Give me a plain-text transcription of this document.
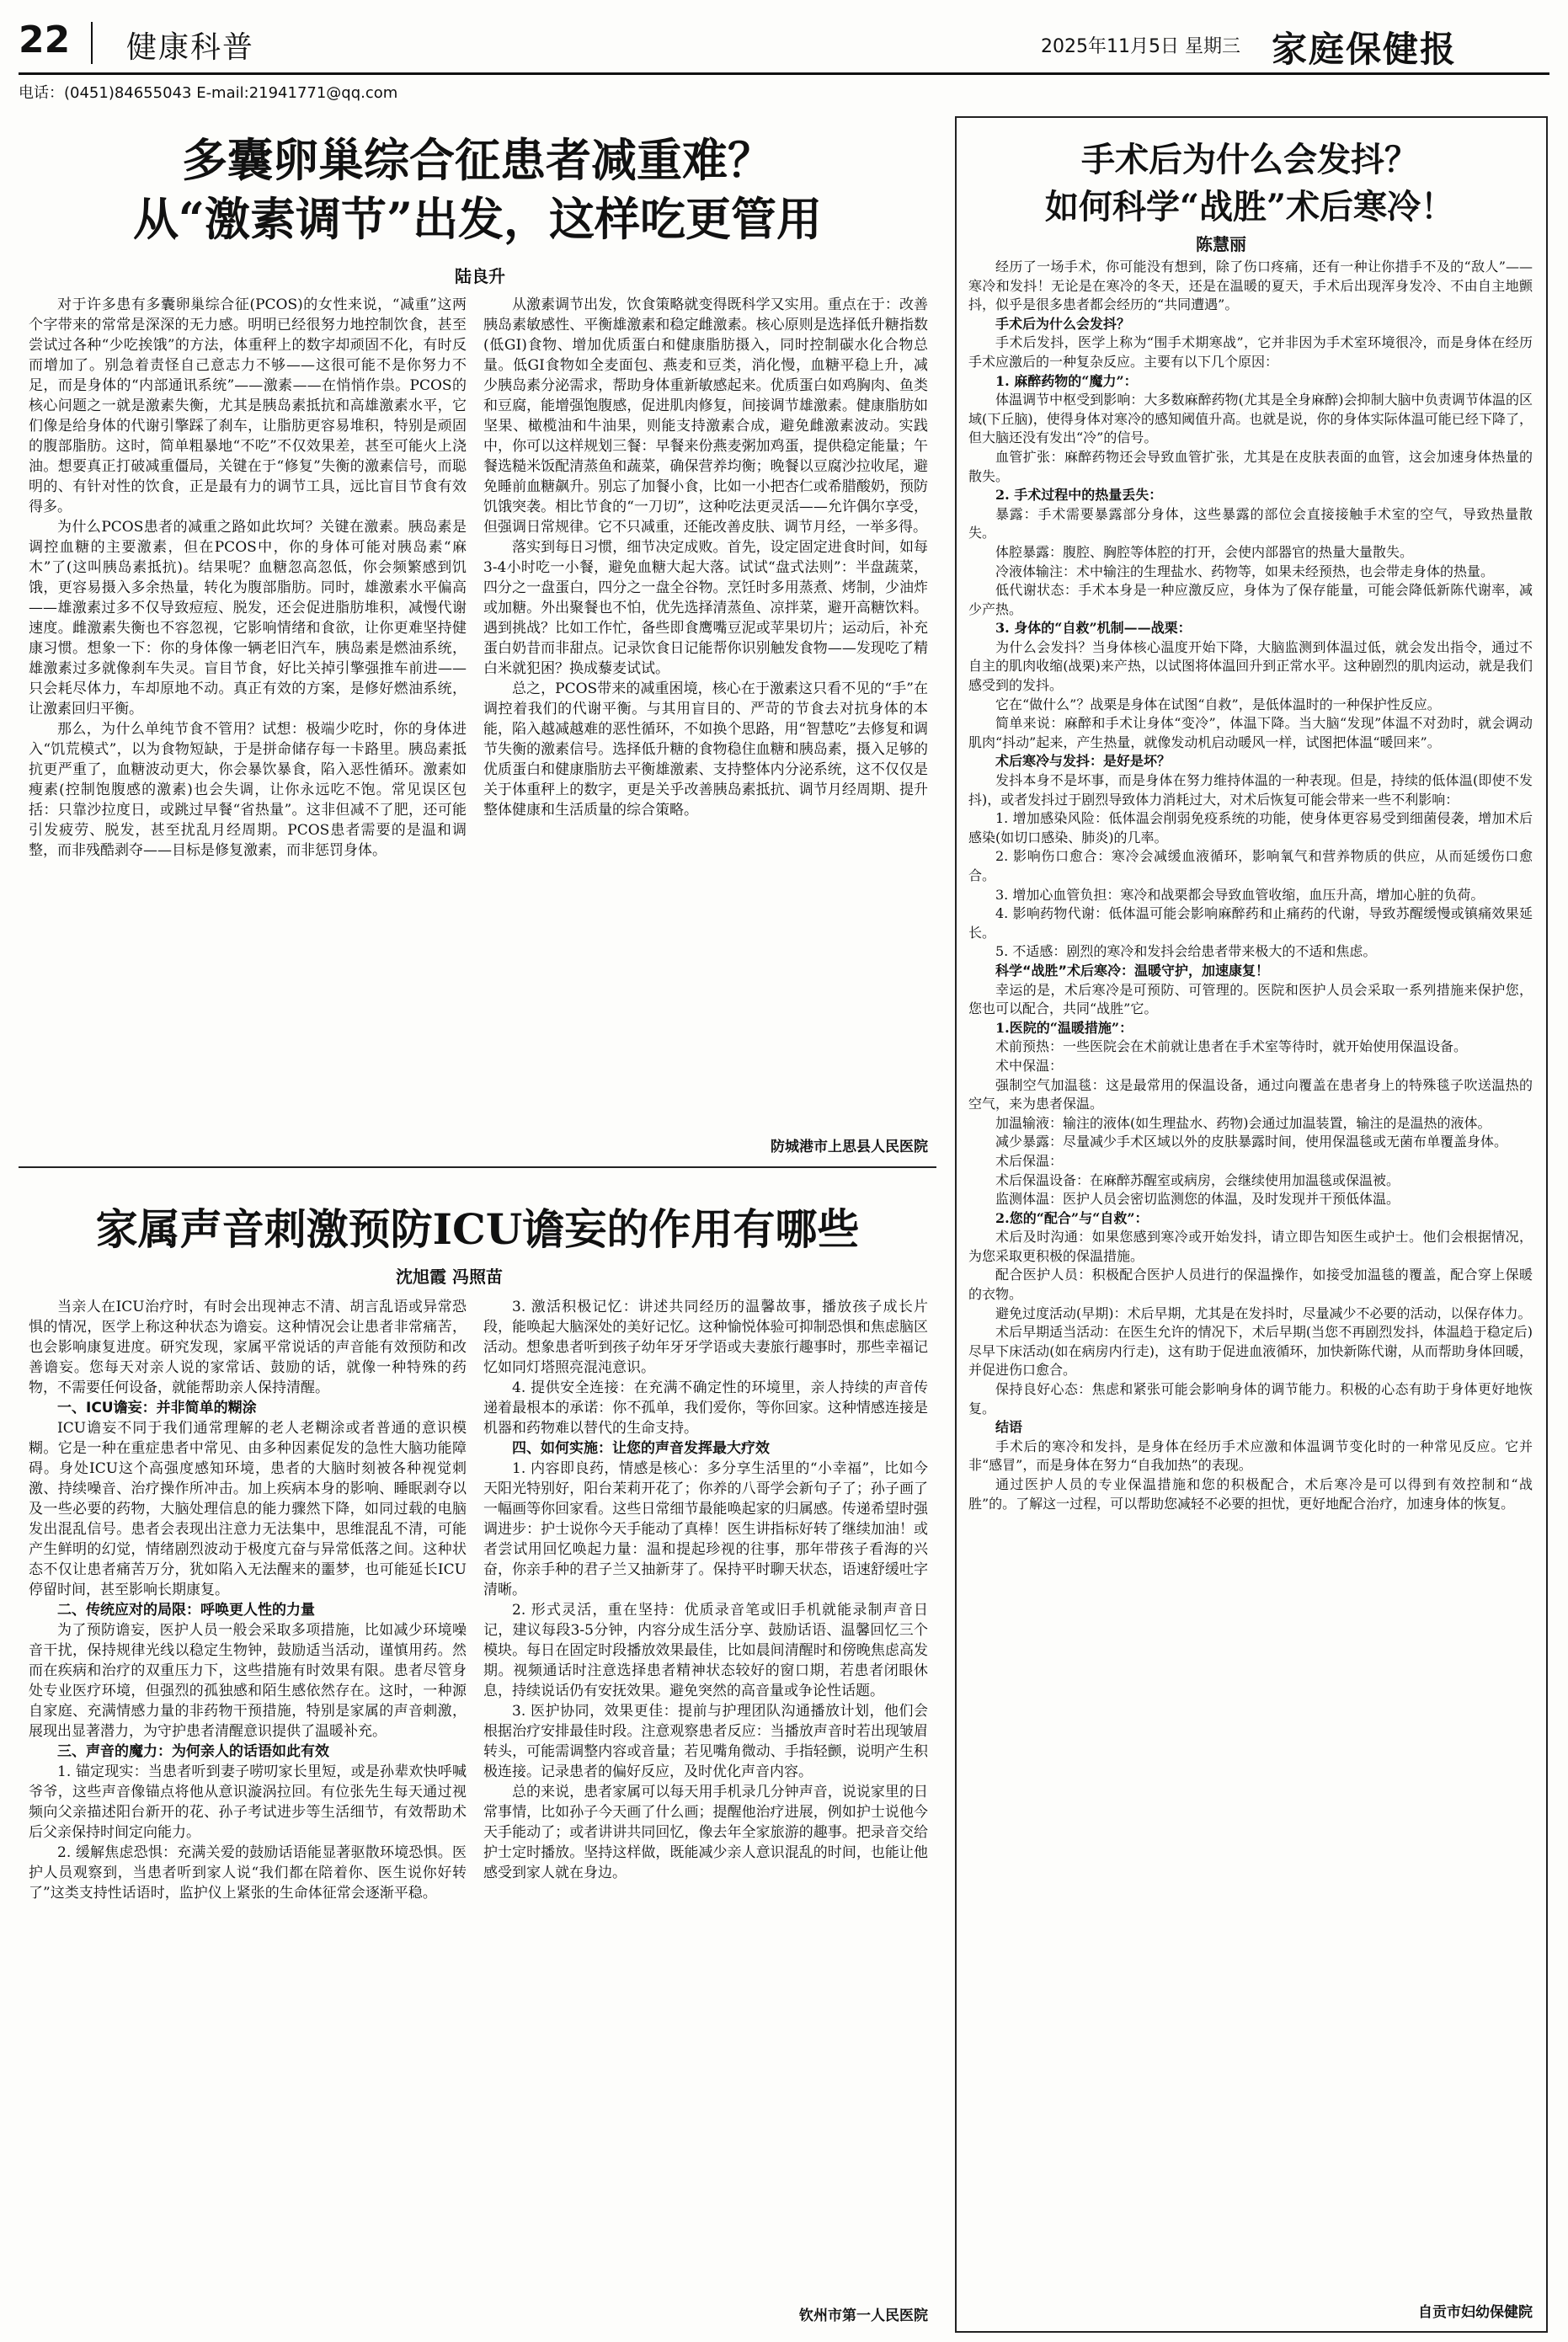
22 健康科普	2025年11月5日 星期三 家庭保健报
电话：(0451)84655043 E-mail:21941771@qq.com
多囊卵巢综合征患者减重难？
从“激素调节”出发，这样吃更管用
陆良升

对于许多患有多囊卵巢综合征(PCOS)的女性来说，“减重”这两个字带来的常常是深深的无力感。明明已经很努力地控制饮食，甚至尝试过各种“少吃挨饿”的方法，体重秤上的数字却顽固不化，有时反而增加了。别急着责怪自己意志力不够——这很可能不是你努力不足，而是身体的“内部通讯系统”——激素——在悄悄作祟。PCOS的核心问题之一就是激素失衡，尤其是胰岛素抵抗和高雄激素水平，它们像是给身体的代谢引擎踩了刹车，让脂肪更容易堆积，特别是顽固的腹部脂肪。这时，简单粗暴地“不吃”不仅效果差，甚至可能火上浇油。想要真正打破减重僵局，关键在于“修复”失衡的激素信号，而聪明的、有针对性的饮食，正是最有力的调节工具，远比盲目节食有效得多。

为什么PCOS患者的减重之路如此坎坷？关键在激素。胰岛素是调控血糖的主要激素，但在PCOS中，你的身体可能对胰岛素“麻木”了(这叫胰岛素抵抗)。结果呢？血糖忽高忽低，你会频繁感到饥饿，更容易摄入多余热量，转化为腹部脂肪。同时，雄激素水平偏高——雄激素过多不仅导致痘痘、脱发，还会促进脂肪堆积，减慢代谢速度。雌激素失衡也不容忽视，它影响情绪和食欲，让你更难坚持健康习惯。想象一下：你的身体像一辆老旧汽车，胰岛素是燃油系统，雄激素过多就像刹车失灵。盲目节食，好比关掉引擎强推车前进——只会耗尽体力，车却原地不动。真正有效的方案，是修好燃油系统，让激素回归平衡。

那么，为什么单纯节食不管用？试想：极端少吃时，你的身体进入“饥荒模式”，以为食物短缺，于是拼命储存每一卡路里。胰岛素抵抗更严重了，血糖波动更大，你会暴饮暴食，陷入恶性循环。激素如瘦素(控制饱腹感的激素)也会失调，让你永远吃不饱。常见误区包括：只靠沙拉度日，或跳过早餐“省热量”。这非但减不了肥，还可能引发疲劳、脱发，甚至扰乱月经周期。PCOS患者需要的是温和调整，而非残酷剥夺——目标是修复激素，而非惩罚身体。

从激素调节出发，饮食策略就变得既科学又实用。重点在于：改善胰岛素敏感性、平衡雄激素和稳定雌激素。核心原则是选择低升糖指数(低GI)食物、增加优质蛋白和健康脂肪摄入，同时控制碳水化合物总量。低GI食物如全麦面包、燕麦和豆类，消化慢，血糖平稳上升，减少胰岛素分泌需求，帮助身体重新敏感起来。优质蛋白如鸡胸肉、鱼类和豆腐，能增强饱腹感，促进肌肉修复，间接调节雄激素。健康脂肪如坚果、橄榄油和牛油果，则能支持激素合成，避免雌激素波动。实践中，你可以这样规划三餐：早餐来份燕麦粥加鸡蛋，提供稳定能量；午餐选糙米饭配清蒸鱼和蔬菜，确保营养均衡；晚餐以豆腐沙拉收尾，避免睡前血糖飙升。别忘了加餐小食，比如一小把杏仁或希腊酸奶，预防饥饿突袭。相比节食的“一刀切”，这种吃法更灵活——允许偶尔享受，但强调日常规律。它不只减重，还能改善皮肤、调节月经，一举多得。

落实到每日习惯，细节决定成败。首先，设定固定进食时间，如每3-4小时吃一小餐，避免血糖大起大落。试试“盘式法则”：半盘蔬菜，四分之一盘蛋白，四分之一盘全谷物。烹饪时多用蒸煮、烤制，少油炸或加糖。外出聚餐也不怕，优先选择清蒸鱼、凉拌菜，避开高糖饮料。遇到挑战？比如工作忙，备些即食鹰嘴豆泥或苹果切片；运动后，补充蛋白奶昔而非甜点。记录饮食日记能帮你识别触发食物——发现吃了精白米就犯困？换成藜麦试试。

总之，PCOS带来的减重困境，核心在于激素这只看不见的“手”在调控着我们的代谢平衡。与其用盲目的、严苛的节食去对抗身体的本能，陷入越减越难的恶性循环，不如换个思路，用“智慧吃”去修复和调节失衡的激素信号。选择低升糖的食物稳住血糖和胰岛素，摄入足够的优质蛋白和健康脂肪去平衡雄激素、支持整体内分泌系统，这不仅仅是关于体重秤上的数字，更是关乎改善胰岛素抵抗、调节月经周期、提升整体健康和生活质量的综合策略。

防城港市上思县人民医院

家属声音刺激预防ICU谵妄的作用有哪些
沈旭霞 冯照苗

当亲人在ICU治疗时，有时会出现神志不清、胡言乱语或异常恐惧的情况，医学上称这种状态为谵妄。这种情况会让患者非常痛苦，也会影响康复进度。研究发现，家属平常说话的声音能有效预防和改善谵妄。您每天对亲人说的家常话、鼓励的话，就像一种特殊的药物，不需要任何设备，就能帮助亲人保持清醒。

一、ICU谵妄：并非简单的糊涂

ICU谵妄不同于我们通常理解的老人老糊涂或者普通的意识模糊。它是一种在重症患者中常见、由多种因素促发的急性大脑功能障碍。身处ICU这个高强度感知环境，患者的大脑时刻被各种视觉刺激、持续噪音、治疗操作所冲击。加上疾病本身的影响、睡眠剥夺以及一些必要的药物，大脑处理信息的能力骤然下降，如同过载的电脑发出混乱信号。患者会表现出注意力无法集中，思维混乱不清，可能产生鲜明的幻觉，情绪剧烈波动于极度亢奋与异常低落之间。这种状态不仅让患者痛苦万分，犹如陷入无法醒来的噩梦，也可能延长ICU停留时间，甚至影响长期康复。

二、传统应对的局限：呼唤更人性的力量

为了预防谵妄，医护人员一般会采取多项措施，比如减少环境噪音干扰，保持规律光线以稳定生物钟，鼓励适当活动，谨慎用药。然而在疾病和治疗的双重压力下，这些措施有时效果有限。患者尽管身处专业医疗环境，但强烈的孤独感和陌生感依然存在。这时，一种源自家庭、充满情感力量的非药物干预措施，特别是家属的声音刺激，展现出显著潜力，为守护患者清醒意识提供了温暖补充。

三、声音的魔力：为何亲人的话语如此有效

1. 锚定现实：当患者听到妻子唠叨家长里短，或是孙辈欢快呼喊爷爷，这些声音像锚点将他从意识漩涡拉回。有位张先生每天通过视频向父亲描述阳台新开的花、孙子考试进步等生活细节，有效帮助术后父亲保持时间定向能力。

2. 缓解焦虑恐惧：充满关爱的鼓励话语能显著驱散环境恐惧。医护人员观察到，当患者听到家人说“我们都在陪着你、医生说你好转了”这类支持性话语时，监护仪上紧张的生命体征常会逐渐平稳。

3. 激活积极记忆：讲述共同经历的温馨故事，播放孩子成长片段，能唤起大脑深处的美好记忆。这种愉悦体验可抑制恐惧和焦虑脑区活动。想象患者听到孩子幼年牙牙学语或夫妻旅行趣事时，那些幸福记忆如同灯塔照亮混沌意识。

4. 提供安全连接：在充满不确定性的环境里，亲人持续的声音传递着最根本的承诺：你不孤单，我们爱你，等你回家。这种情感连接是机器和药物难以替代的生命支持。

四、如何实施：让您的声音发挥最大疗效

1. 内容即良药，情感是核心：多分享生活里的“小幸福”，比如今天阳光特别好，阳台茉莉开花了；你养的八哥学会新句子了；孙子画了一幅画等你回家看。这些日常细节最能唤起家的归属感。传递希望时强调进步：护士说你今天手能动了真棒！医生讲指标好转了继续加油！或者尝试用回忆唤起力量：温和提起珍视的往事，那年带孩子看海的兴奋，你亲手种的君子兰又抽新芽了。保持平时聊天状态，语速舒缓吐字清晰。

2. 形式灵活，重在坚持：优质录音笔或旧手机就能录制声音日记，建议每段3-5分钟，内容分成生活分享、鼓励话语、温馨回忆三个模块。每日在固定时段播放效果最佳，比如晨间清醒时和傍晚焦虑高发期。视频通话时注意选择患者精神状态较好的窗口期，若患者闭眼休息，持续说话仍有安抚效果。避免突然的高音量或争论性话题。

3. 医护协同，效果更佳：提前与护理团队沟通播放计划，他们会根据治疗安排最佳时段。注意观察患者反应：当播放声音时若出现皱眉转头，可能需调整内容或音量；若见嘴角微动、手指轻颤，说明产生积极连接。记录患者的偏好反应，及时优化声音内容。

总的来说，患者家属可以每天用手机录几分钟声音，说说家里的日常事情，比如孙子今天画了什么画；提醒他治疗进展，例如护士说他今天手能动了；或者讲讲共同回忆，像去年全家旅游的趣事。把录音交给护士定时播放。坚持这样做，既能减少亲人意识混乱的时间，也能让他感受到家人就在身边。

钦州市第一人民医院

手术后为什么会发抖？
如何科学“战胜”术后寒冷！
陈慧丽

经历了一场手术，你可能没有想到，除了伤口疼痛，还有一种让你措手不及的“敌人”——寒冷和发抖！无论是在寒冷的冬天，还是在温暖的夏天，手术后出现浑身发冷、不由自主地颤抖，似乎是很多患者都会经历的“共同遭遇”。

手术后为什么会发抖？

手术后发抖，医学上称为“围手术期寒战”，它并非因为手术室环境很冷，而是身体在经历手术应激后的一种复杂反应。主要有以下几个原因：

1. 麻醉药物的“魔力”：

体温调节中枢受到影响：大多数麻醉药物(尤其是全身麻醉)会抑制大脑中负责调节体温的区域(下丘脑)，使得身体对寒冷的感知阈值升高。也就是说，你的身体实际体温可能已经下降了，但大脑还没有发出“冷”的信号。

血管扩张：麻醉药物还会导致血管扩张，尤其是在皮肤表面的血管，这会加速身体热量的散失。

2. 手术过程中的热量丢失：

暴露：手术需要暴露部分身体，这些暴露的部位会直接接触手术室的空气，导致热量散失。

体腔暴露：腹腔、胸腔等体腔的打开，会使内部器官的热量大量散失。

冷液体输注：术中输注的生理盐水、药物等，如果未经预热，也会带走身体的热量。

低代谢状态：手术本身是一种应激反应，身体为了保存能量，可能会降低新陈代谢率，减少产热。

3. 身体的“自救”机制——战栗：

为什么会发抖？当身体核心温度开始下降，大脑监测到体温过低，就会发出指令，通过不自主的肌肉收缩(战栗)来产热，以试图将体温回升到正常水平。这种剧烈的肌肉运动，就是我们感受到的发抖。

它在“做什么”？战栗是身体在试图“自救”，是低体温时的一种保护性反应。

简单来说：麻醉和手术让身体“变冷”，体温下降。当大脑“发现”体温不对劲时，就会调动肌肉“抖动”起来，产生热量，就像发动机启动暖风一样，试图把体温“暖回来”。

术后寒冷与发抖：是好是坏？

发抖本身不是坏事，而是身体在努力维持体温的一种表现。但是，持续的低体温(即使不发抖)，或者发抖过于剧烈导致体力消耗过大，对术后恢复可能会带来一些不利影响：

1. 增加感染风险：低体温会削弱免疫系统的功能，使身体更容易受到细菌侵袭，增加术后感染(如切口感染、肺炎)的几率。

2. 影响伤口愈合：寒冷会减缓血液循环，影响氧气和营养物质的供应，从而延缓伤口愈合。

3. 增加心血管负担：寒冷和战栗都会导致血管收缩，血压升高，增加心脏的负荷。

4. 影响药物代谢：低体温可能会影响麻醉药和止痛药的代谢，导致苏醒缓慢或镇痛效果延长。

5. 不适感：剧烈的寒冷和发抖会给患者带来极大的不适和焦虑。

科学“战胜”术后寒冷：温暖守护，加速康复！

幸运的是，术后寒冷是可预防、可管理的。医院和医护人员会采取一系列措施来保护您，您也可以配合，共同“战胜”它。

1.医院的“温暖措施”：

术前预热：一些医院会在术前就让患者在手术室等待时，就开始使用保温设备。

术中保温：

强制空气加温毯：这是最常用的保温设备，通过向覆盖在患者身上的特殊毯子吹送温热的空气，来为患者保温。

加温输液：输注的液体(如生理盐水、药物)会通过加温装置，输注的是温热的液体。

减少暴露：尽量减少手术区域以外的皮肤暴露时间，使用保温毯或无菌布单覆盖身体。

术后保温：

术后保温设备：在麻醉苏醒室或病房，会继续使用加温毯或保温被。

监测体温：医护人员会密切监测您的体温，及时发现并干预低体温。

2.您的“配合”与“自救”：

术后及时沟通：如果您感到寒冷或开始发抖，请立即告知医生或护士。他们会根据情况，为您采取更积极的保温措施。

配合医护人员：积极配合医护人员进行的保温操作，如接受加温毯的覆盖，配合穿上保暖的衣物。

避免过度活动(早期)：术后早期，尤其是在发抖时，尽量减少不必要的活动，以保存体力。

术后早期适当活动：在医生允许的情况下，术后早期(当您不再剧烈发抖，体温趋于稳定后)尽早下床活动(如在病房内行走)，这有助于促进血液循环，加快新陈代谢，从而帮助身体回暖，并促进伤口愈合。

保持良好心态：焦虑和紧张可能会影响身体的调节能力。积极的心态有助于身体更好地恢复。

结语

手术后的寒冷和发抖，是身体在经历手术应激和体温调节变化时的一种常见反应。它并非“感冒”，而是身体在努力“自我加热”的表现。

通过医护人员的专业保温措施和您的积极配合，术后寒冷是可以得到有效控制和“战胜”的。了解这一过程，可以帮助您减轻不必要的担忧，更好地配合治疗，加速身体的恢复。

自贡市妇幼保健院
